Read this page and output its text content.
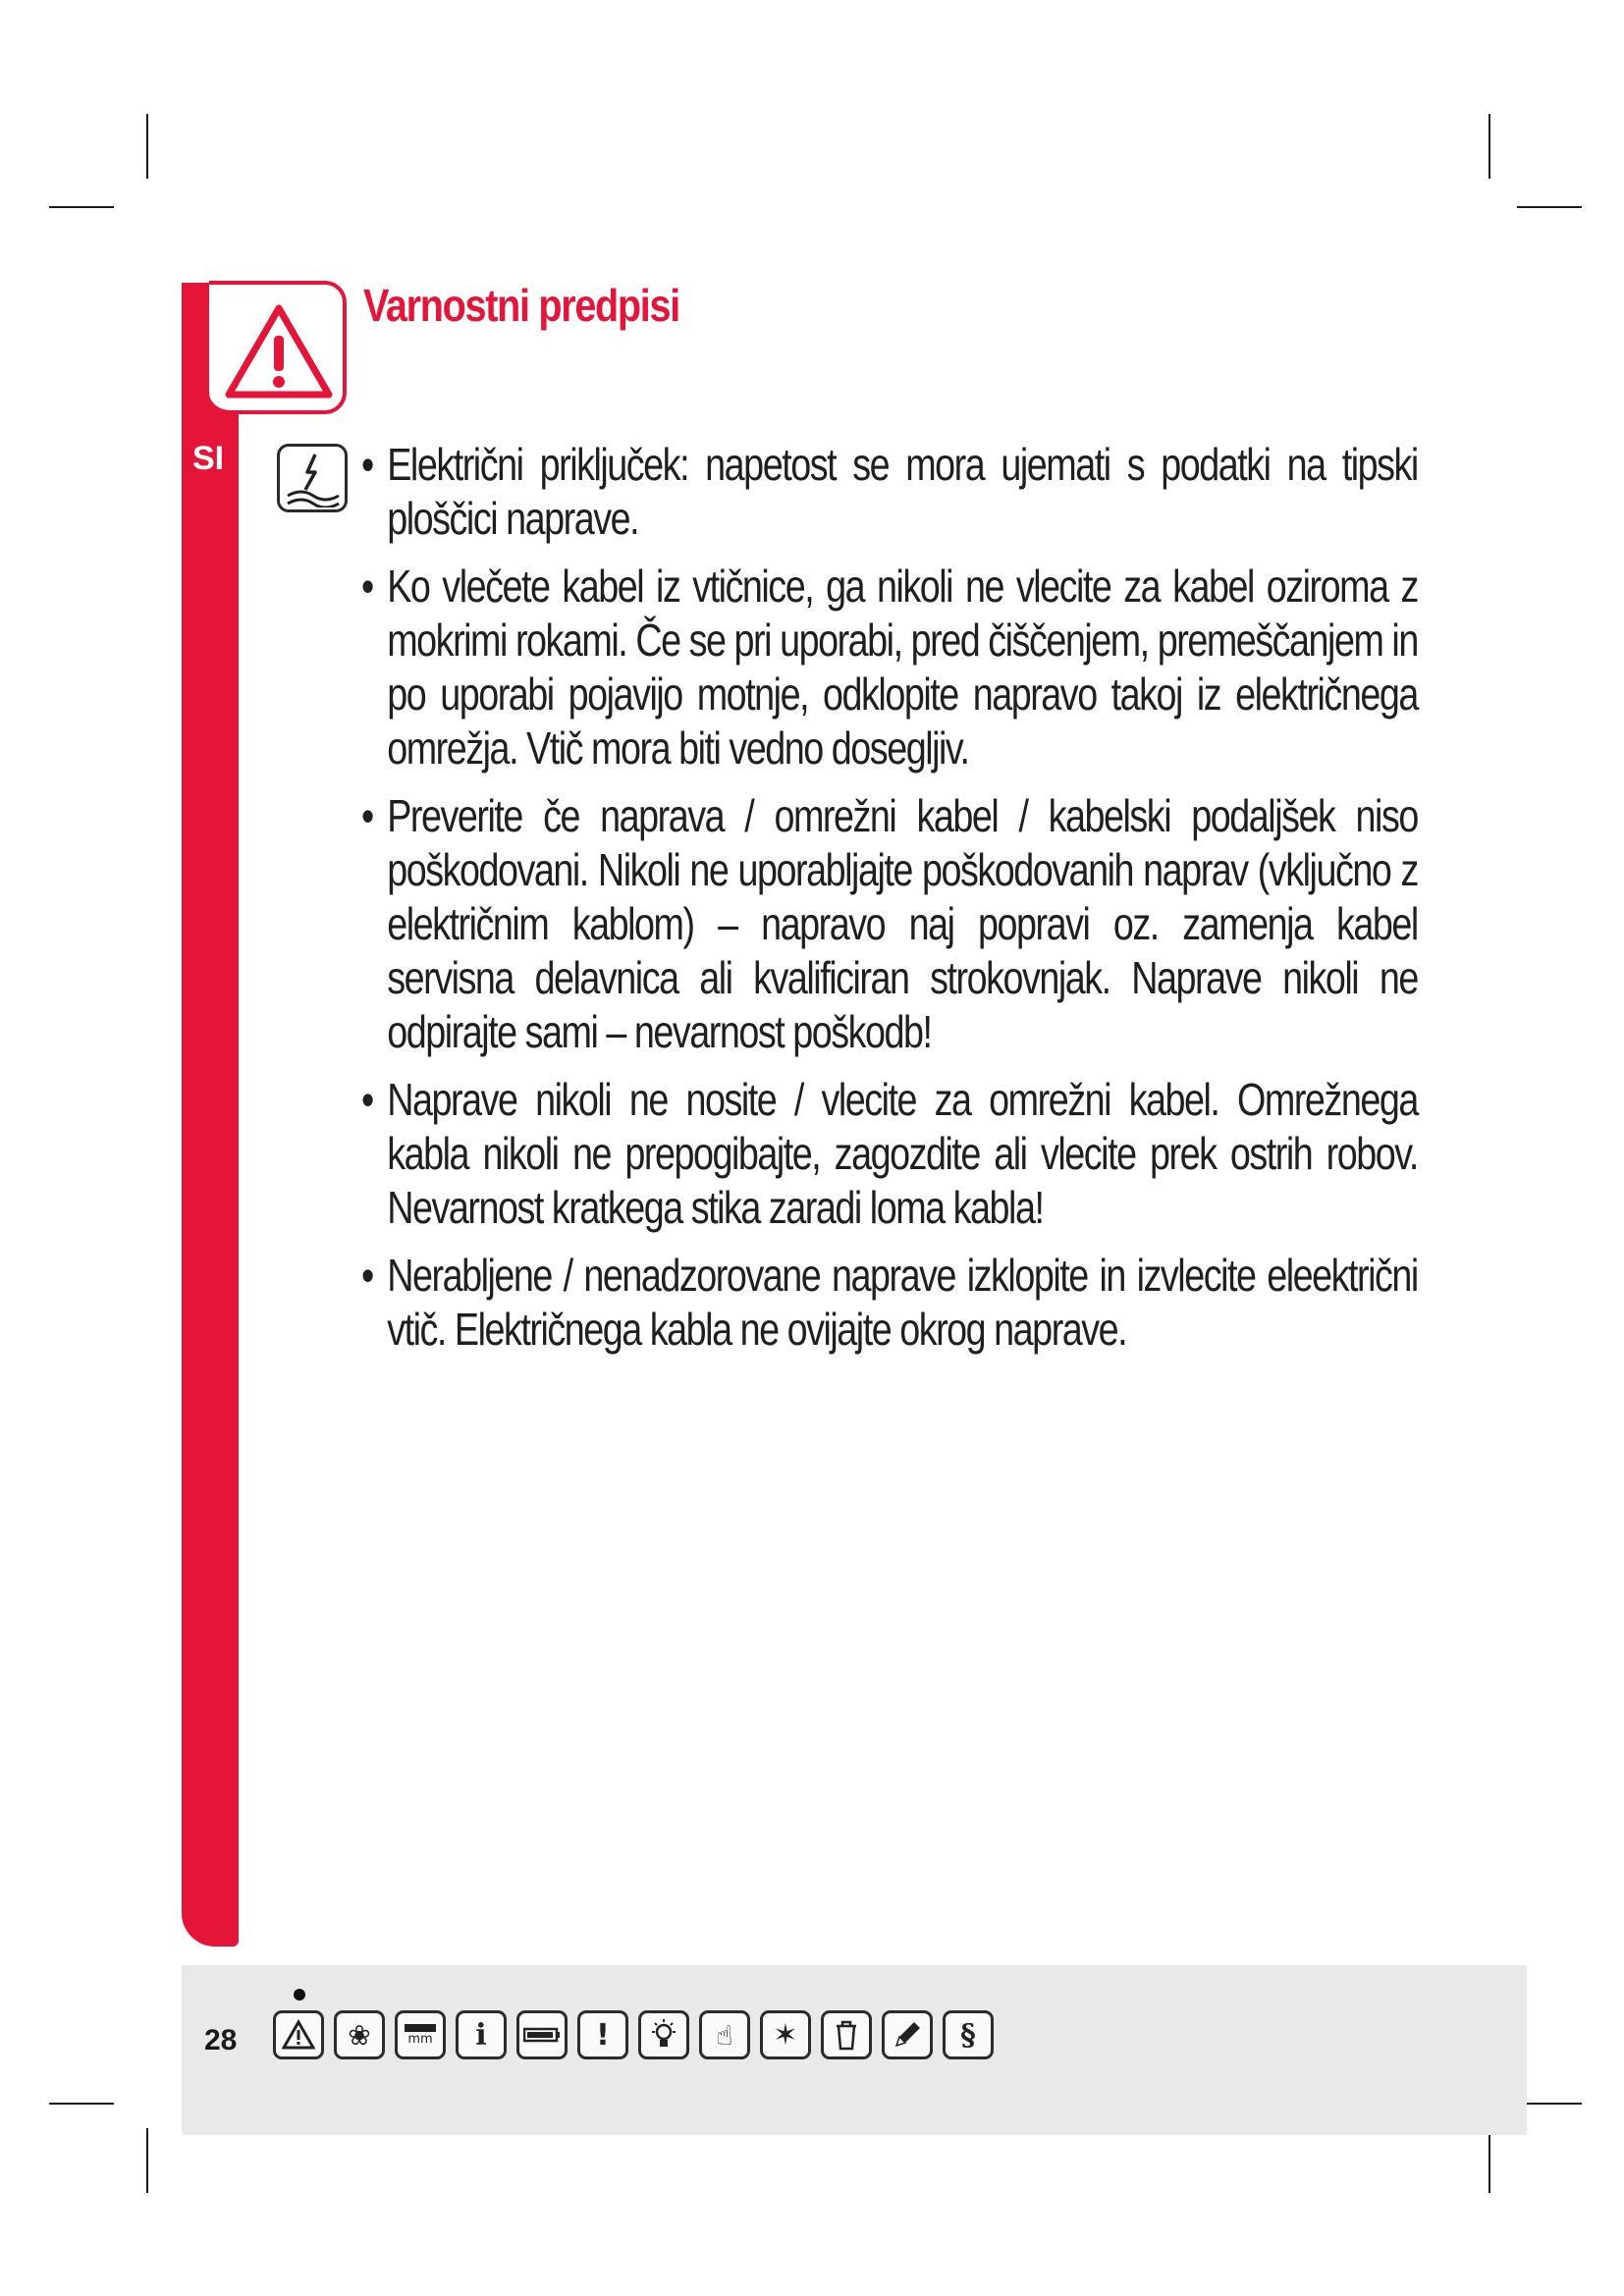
SI
Varnostni predpisi
• Električni priključek: napetost se mora ujemati s podatki na tipski ploščici naprave.
• Ko vlečete kabel iz vtičnice, ga nikoli ne vlecite za kabel oziroma z mokrimi rokami. Če se pri uporabi, pred čiščenjem, premeščanjem in po uporabi pojavijo motnje, odklopite napravo takoj iz električnega omrežja. Vtič mora biti vedno dosegljiv.
• Preverite če naprava / omrežni kabel / kabelski podaljšek niso poškodovani. Nikoli ne uporabljajte poškodovanih naprav (vključno z električnim kablom) – napravo naj popravi oz. zamenja kabel servisna delavnica ali kvalificiran strokovnjak. Naprave nikoli ne odpirajte sami – nevarnost poškodb!
• Naprave nikoli ne nosite / vlecite za omrežni kabel. Omrežnega kabla nikoli ne prepogibajte, zagozdite ali vlecite prek ostrih robov. Nevarnost kratkega stika zaradi loma kabla!
• Nerabljene / nenadzorovane naprave izklopite in izvlecite eleektrični vtič. Električnega kabla ne ovijajte okrog naprave.
28	❀	mm	i	!	☝	✶	§
